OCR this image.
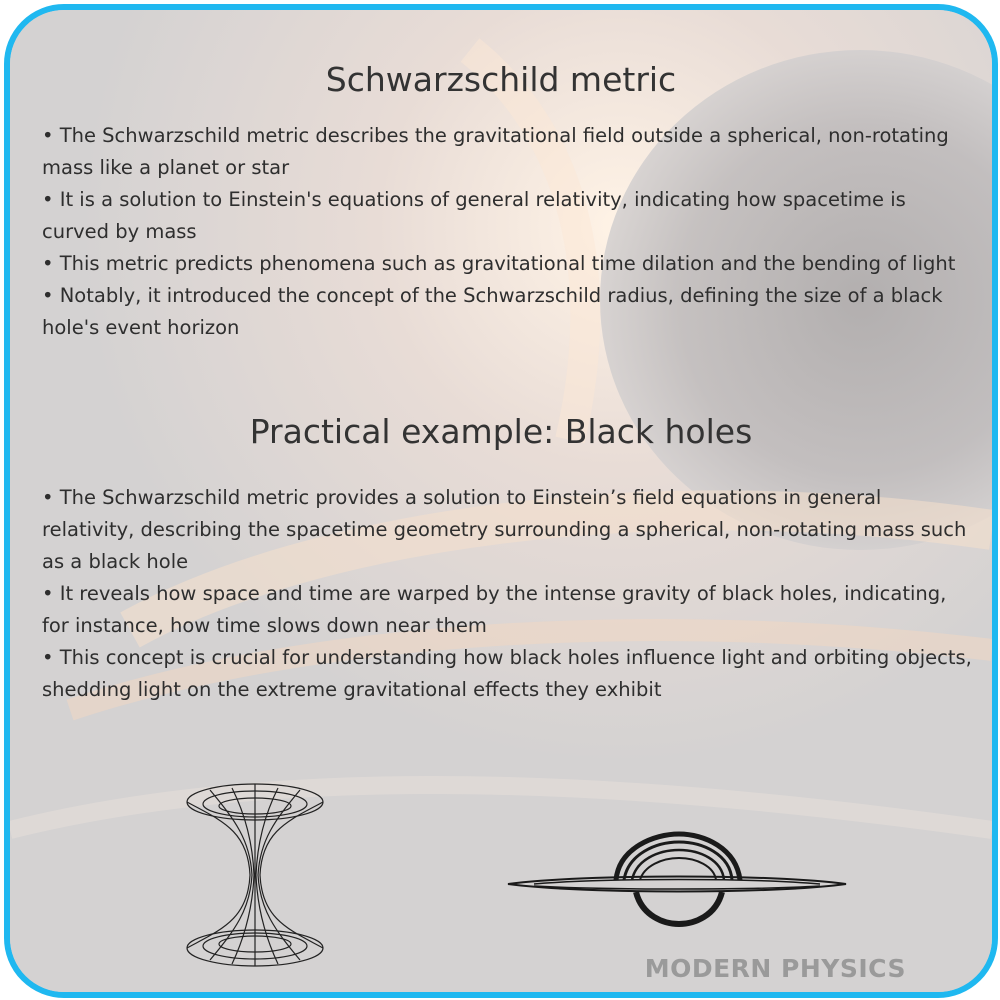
Schwarzschild metric
• The Schwarzschild metric describes the gravitational field outside a spherical, non-rotating mass like a planet or star
• It is a solution to Einstein's equations of general relativity, indicating how spacetime is curved by mass
• This metric predicts phenomena such as gravitational time dilation and the bending of light
• Notably, it introduced the concept of the Schwarzschild radius, defining the size of a black hole's event horizon
Practical example: Black holes
• The Schwarzschild metric provides a solution to Einstein’s field equations in general relativity, describing the spacetime geometry surrounding a spherical, non-rotating mass such as a black hole
• It reveals how space and time are warped by the intense gravity of black holes, indicating, for instance, how time slows down near them
• This concept is crucial for understanding how black holes influence light and orbiting objects, shedding light on the extreme gravitational effects they exhibit
MODERN PHYSICS
